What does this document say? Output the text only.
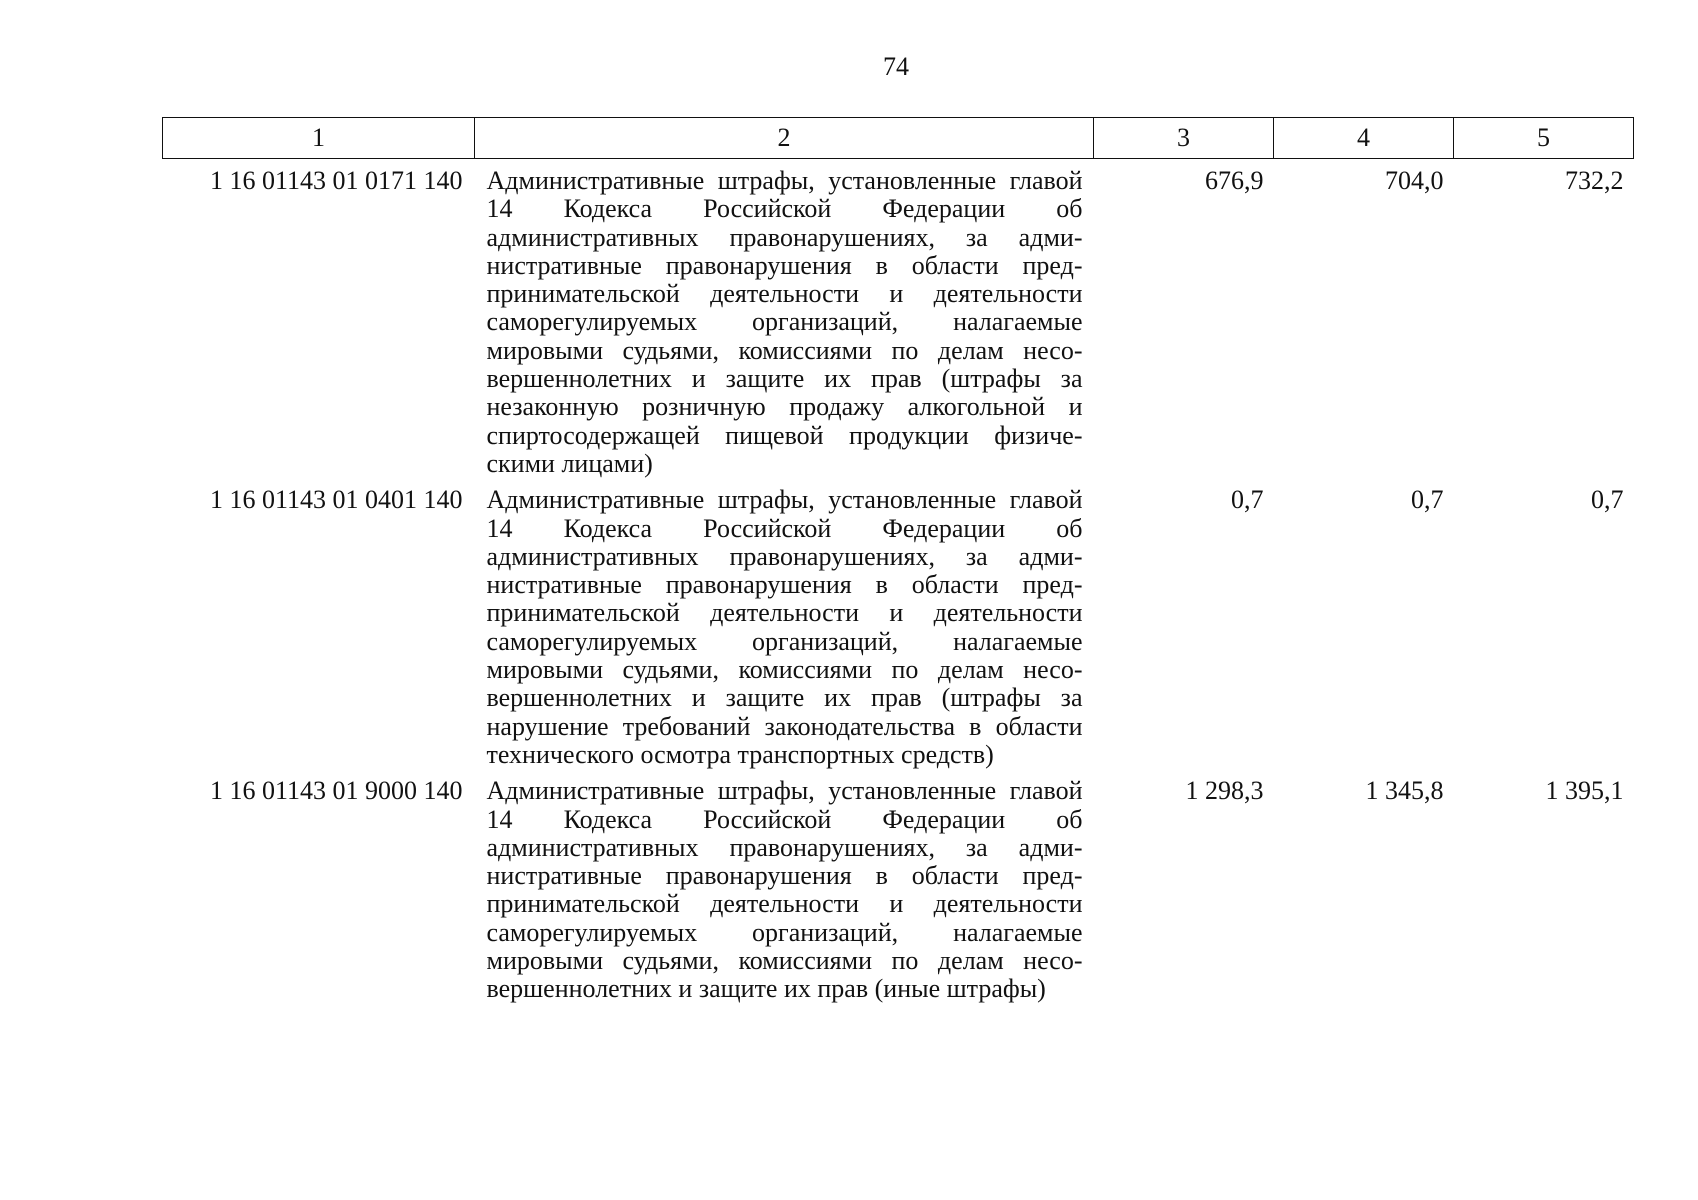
74
1	2	3	4	5
1 16 01143 01 0171 140	Административные штрафы, установленные главой 14 Кодекса Российской Федерации об административных правонарушениях, за административные правонарушения в области предпринимательской деятельности и деятельности саморегулируемых организаций, налагаемые мировыми судьями, комиссиями по делам несовершеннолетних и защите их прав (штрафы за незаконную розничную продажу алкогольной и спиртосодержащей пищевой продукции физическими лицами)	676,9	704,0	732,2
1 16 01143 01 0401 140	Административные штрафы, установленные главой 14 Кодекса Российской Федерации об административных правонарушениях, за административные правонарушения в области предпринимательской деятельности и деятельности саморегулируемых организаций, налагаемые мировыми судьями, комиссиями по делам несовершеннолетних и защите их прав (штрафы за нарушение требований законодательства в области технического осмотра транспортных средств)	0,7	0,7	0,7
1 16 01143 01 9000 140	Административные штрафы, установленные главой 14 Кодекса Российской Федерации об административных правонарушениях, за административные правонарушения в области предпринимательской деятельности и деятельности саморегулируемых организаций, налагаемые мировыми судьями, комиссиями по делам несовершеннолетних и защите их прав (иные штрафы)	1 298,3	1 345,8	1 395,1
